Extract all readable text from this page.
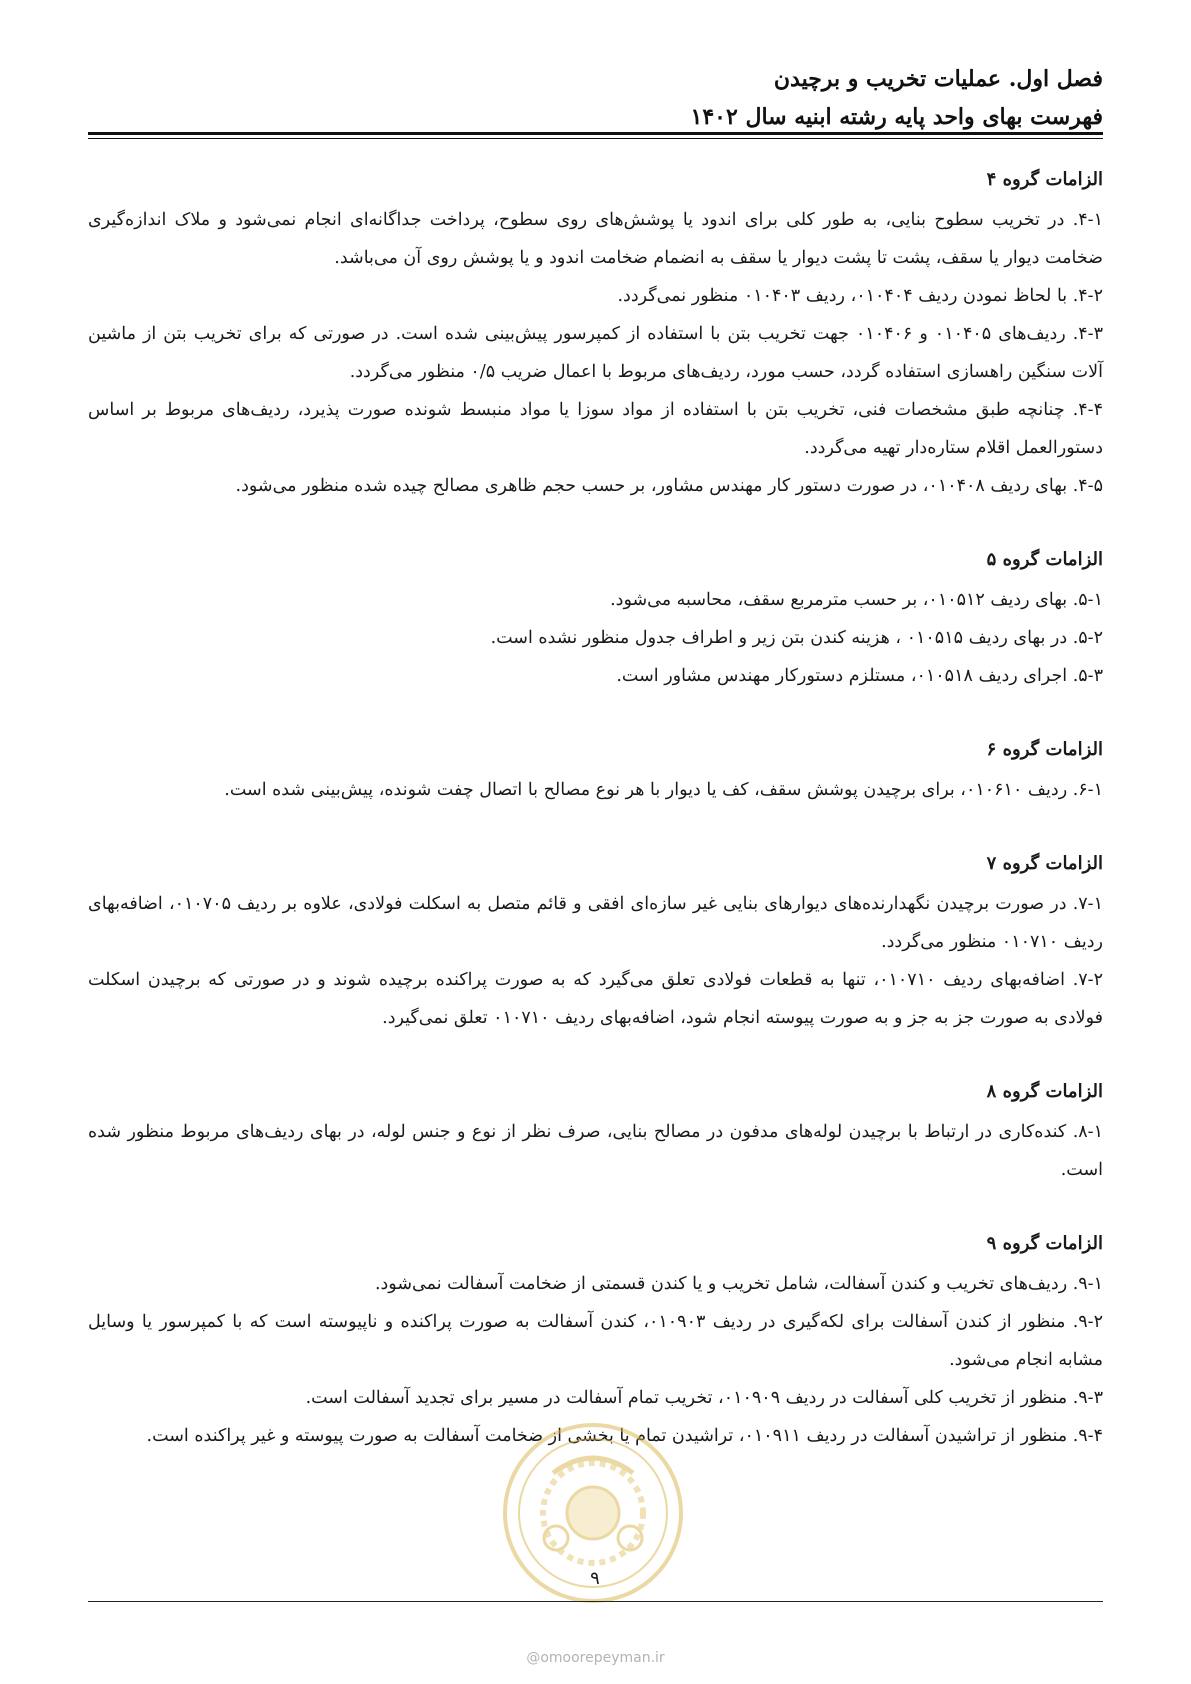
فصل اول. عملیات تخریب و برچیدن
فهرست بهای واحد پایه رشته ابنیه سال ۱۴۰۲
الزامات گروه ۴

۴-۱. در تخریب سطوح بنایی، به طور کلی برای اندود یا پوشش‌های روی سطوح، پرداخت جداگانه‌ای انجام نمی‌شود و ملاک اندازه‌گیری ضخامت دیوار یا سقف، پشت تا پشت دیوار یا سقف به انضمام ضخامت اندود و یا پوشش روی آن می‌باشد.

۴-۲. با لحاظ نمودن ردیف ۰۱۰۴۰۴، ردیف ۰۱۰۴۰۳ منظور نمی‌گردد.

۴-۳. ردیف‌های ۰۱۰۴۰۵ و ۰۱۰۴۰۶ جهت تخریب بتن با استفاده از کمپرسور پیش‌بینی شده است. در صورتی که برای تخریب بتن از ماشین آلات سنگین راهسازی استفاده گردد، حسب مورد، ردیف‌های مربوط با اعمال ضریب ۰/۵ منظور می‌گردد.

۴-۴. چنانچه طبق مشخصات فنی، تخریب بتن با استفاده از مواد سوزا یا مواد منبسط شونده صورت پذیرد، ردیف‌های مربوط بر اساس دستورالعمل اقلام ستاره‌دار تهیه می‌گردد.

۴-۵. بهای ردیف ۰۱۰۴۰۸، در صورت دستور کار مهندس مشاور، بر حسب حجم ظاهری مصالح چیده شده منظور می‌شود.

الزامات گروه ۵

۵-۱. بهای ردیف ۰۱۰۵۱۲، بر حسب مترمربع سقف، محاسبه می‌شود.

۵-۲. در بهای ردیف ۰۱۰۵۱۵ ، هزینه کندن بتن زیر و اطراف جدول منظور نشده است.

۵-۳. اجرای ردیف ۰۱۰۵۱۸، مستلزم دستورکار مهندس مشاور است.

الزامات گروه ۶

۶-۱. ردیف ۰۱۰۶۱۰، برای برچیدن پوشش سقف، کف یا دیوار با هر نوع مصالح با اتصال چفت شونده، پیش‌بینی شده است.

الزامات گروه ۷

۷-۱. در صورت برچیدن نگهدارنده‌های دیوارهای بنایی غیر سازه‌ای افقی و قائم متصل به اسکلت فولادی، علاوه بر ردیف ۰۱۰۷۰۵، اضافه‌بهای ردیف ۰۱۰۷۱۰ منظور می‌گردد.

۷-۲. اضافه‌بهای ردیف ۰۱۰۷۱۰، تنها به قطعات فولادی تعلق می‌گیرد که به صورت پراکنده برچیده شوند و در صورتی که برچیدن اسکلت فولادی به صورت جز به جز و به صورت پیوسته انجام شود، اضافه‌بهای ردیف ۰۱۰۷۱۰ تعلق نمی‌گیرد.

الزامات گروه ۸

۸-۱. کنده‌کاری در ارتباط با برچیدن لوله‌های مدفون در مصالح بنایی، صرف نظر از نوع و جنس لوله، در بهای ردیف‌های مربوط منظور شده است.

الزامات گروه ۹

۹-۱. ردیف‌های تخریب و کندن آسفالت، شامل تخریب و یا کندن قسمتی از ضخامت آسفالت نمی‌شود.

۹-۲. منظور از کندن آسفالت برای لکه‌گیری در ردیف ۰۱۰۹۰۳، کندن آسفالت به صورت پراکنده و ناپیوسته است که با کمپرسور یا وسایل مشابه انجام می‌شود.

۹-۳. منظور از تخریب کلی آسفالت در ردیف ۰۱۰۹۰۹، تخریب تمام آسفالت در مسیر برای تجدید آسفالت است.

۹-۴. منظور از تراشیدن آسفالت در ردیف ۰۱۰۹۱۱، تراشیدن تمام یا بخشی از ضخامت آسفالت به صورت پیوسته و غیر پراکنده است.

۹
@omoorepeyman.ir
